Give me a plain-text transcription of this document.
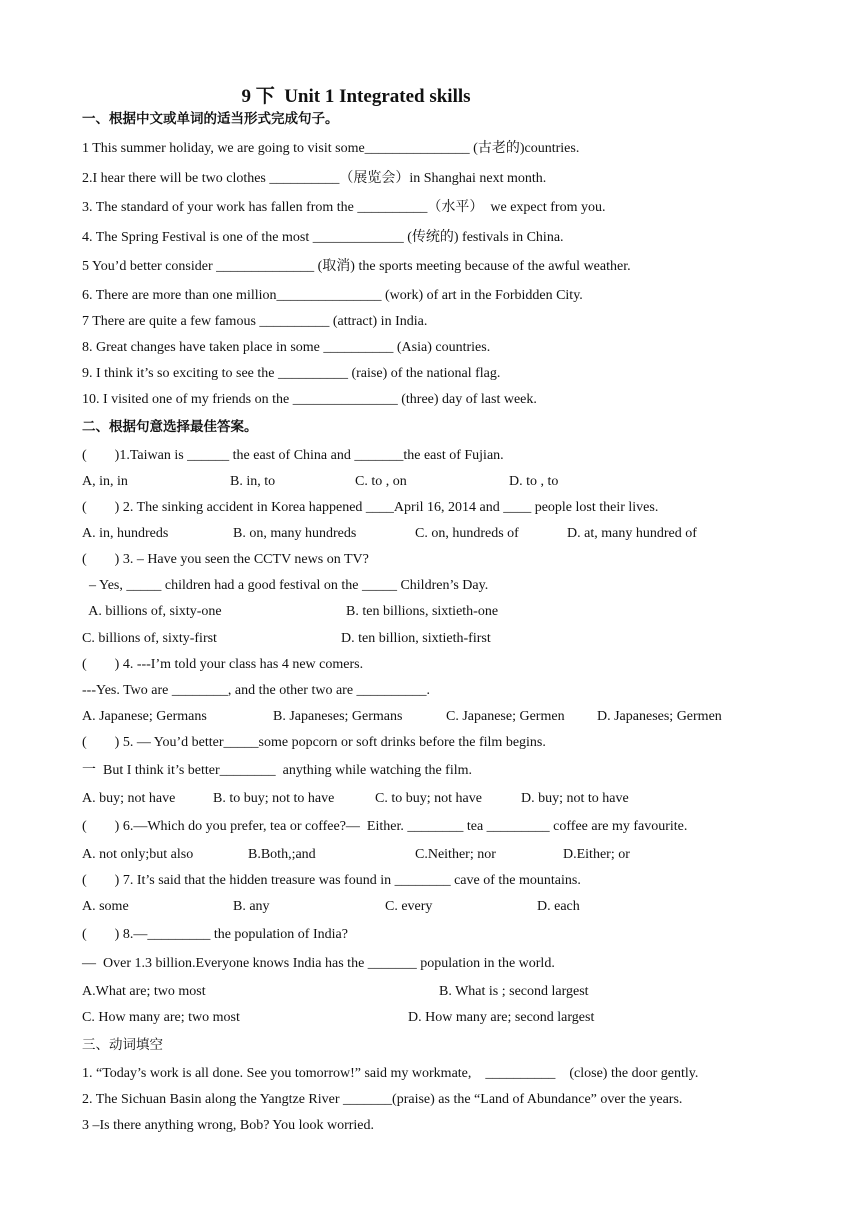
9 下  Unit 1 Integrated skills
一、根据中文或单词的适当形式完成句子。
1 This summer holiday, we are going to visit some_______________ (古老的)countries.
2.I hear there will be two clothes __________（展览会）in Shanghai next month.
3. The standard of your work has fallen from the __________（水平）  we expect from you.
4. The Spring Festival is one of the most _____________ (传统的) festivals in China.
5 You’d better consider ______________ (取消) the sports meeting because of the awful weather.
6. There are more than one million_______________ (work) of art in the Forbidden City.
7 There are quite a few famous __________ (attract) in India.
8. Great changes have taken place in some __________ (Asia) countries.
9. I think it’s so exciting to see the __________ (raise) of the national flag.
10. I visited one of my friends on the _______________ (three) day of last week.
二、根据句意选择最佳答案。
(        )1.Taiwan is ______ the east of China and _______the east of Fujian.
A, in, in	B. in, to	C. to , on	D. to , to
(        ) 2. The sinking accident in Korea happened ____April 16, 2014 and ____ people lost their lives.
A. in, hundreds	B. on, many hundreds	C. on, hundreds of	D. at, many hundred of
(        ) 3. – Have you seen the CCTV news on TV?
– Yes, _____ children had a good festival on the _____ Children’s Day.
A. billions of, sixty-one	B. ten billions, sixtieth-one
C. billions of, sixty-first	D. ten billion, sixtieth-first
(        ) 4. ---I’m told your class has 4 new comers.
---Yes. Two are ________, and the other two are __________.
A. Japanese; Germans	B. Japaneses; Germans	C. Japanese; Germen D. Japaneses; Germen
(        ) 5. — You’d better_____some popcorn or soft drinks before the film begins.
一  But I think it’s better________  anything while watching the film.
A. buy; not have	B. to buy; not to have	C. to buy; not have	D. buy; not to have
(        ) 6.—Which do you prefer, tea or coffee?—  Either. ________ tea _________ coffee are my favourite.
A. not only;but also	B.Both,;and	C.Neither; nor	D.Either; or
(        ) 7. It’s said that the hidden treasure was found in ________ cave of the mountains.
A. some	B. any	C. every	D. each
(        ) 8.—_________ the population of India?
—  Over 1.3 billion.Everyone knows India has the _______ population in the world.
A.What are; two most	B. What is ; second largest
C. How many are; two most	D. How many are; second largest
三、动词填空
1. “Today’s work is all done. See you tomorrow!” said my workmate,    __________    (close) the door gently.
2. The Sichuan Basin along the Yangtze River _______(praise) as the “Land of Abundance” over the years.
3 –Is there anything wrong, Bob? You look worried.
